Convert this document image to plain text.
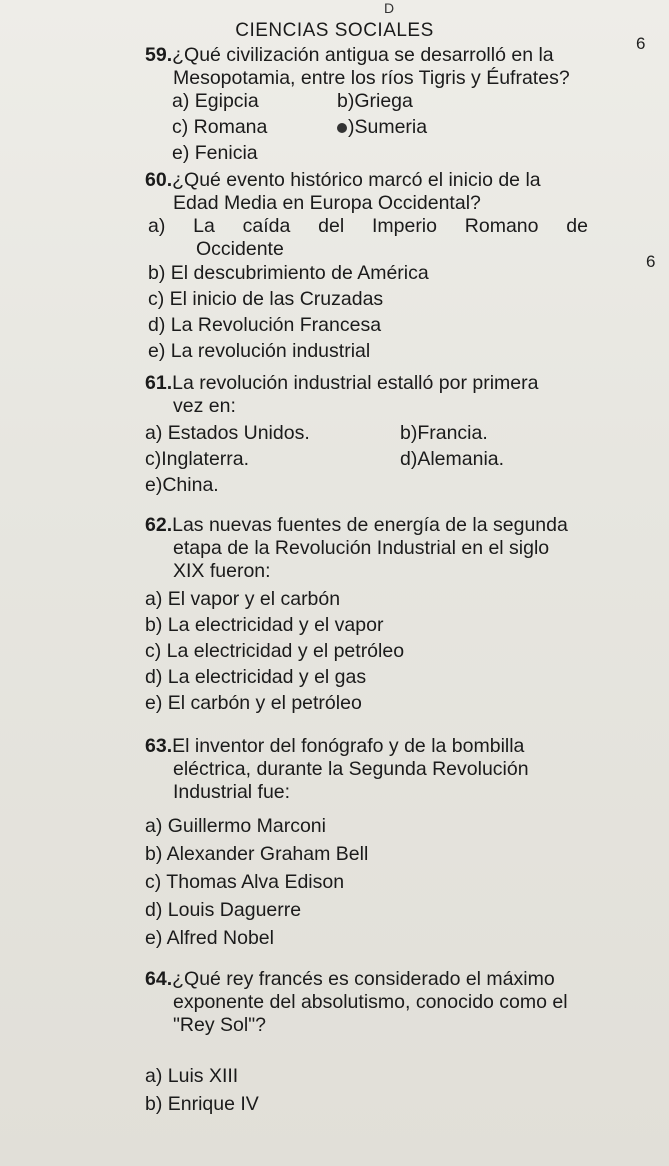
D
CIENCIAS SOCIALES
6
6
59.¿Qué civilización antigua se desarrolló en la
Mesopotamia, entre los ríos Tigris y Éufrates?
a) Egipcia	b)Griega
c) Romana	)Sumeria
e) Fenicia
60.¿Qué evento histórico marcó el inicio de la
Edad Media en Europa Occidental?
a) La caída del Imperio Romano de
Occidente
b) El descubrimiento de América
c) El inicio de las Cruzadas
d) La Revolución Francesa
e) La revolución industrial
61.La revolución industrial estalló por primera
vez en:
a) Estados Unidos.	b)Francia.
c)Inglaterra.	d)Alemania.
e)China.
62.Las nuevas fuentes de energía de la segunda
etapa de la Revolución Industrial en el siglo
XIX fueron:
a) El vapor y el carbón
b) La electricidad y el vapor
c) La electricidad y el petróleo
d) La electricidad y el gas
e) El carbón y el petróleo
63.El inventor del fonógrafo y de la bombilla
eléctrica, durante la Segunda Revolución
Industrial fue:
a) Guillermo Marconi
b) Alexander Graham Bell
c) Thomas Alva Edison
d) Louis Daguerre
e) Alfred Nobel
64.¿Qué rey francés es considerado el máximo
exponente del absolutismo, conocido como el
"Rey Sol"?
a) Luis XIII
b) Enrique IV
